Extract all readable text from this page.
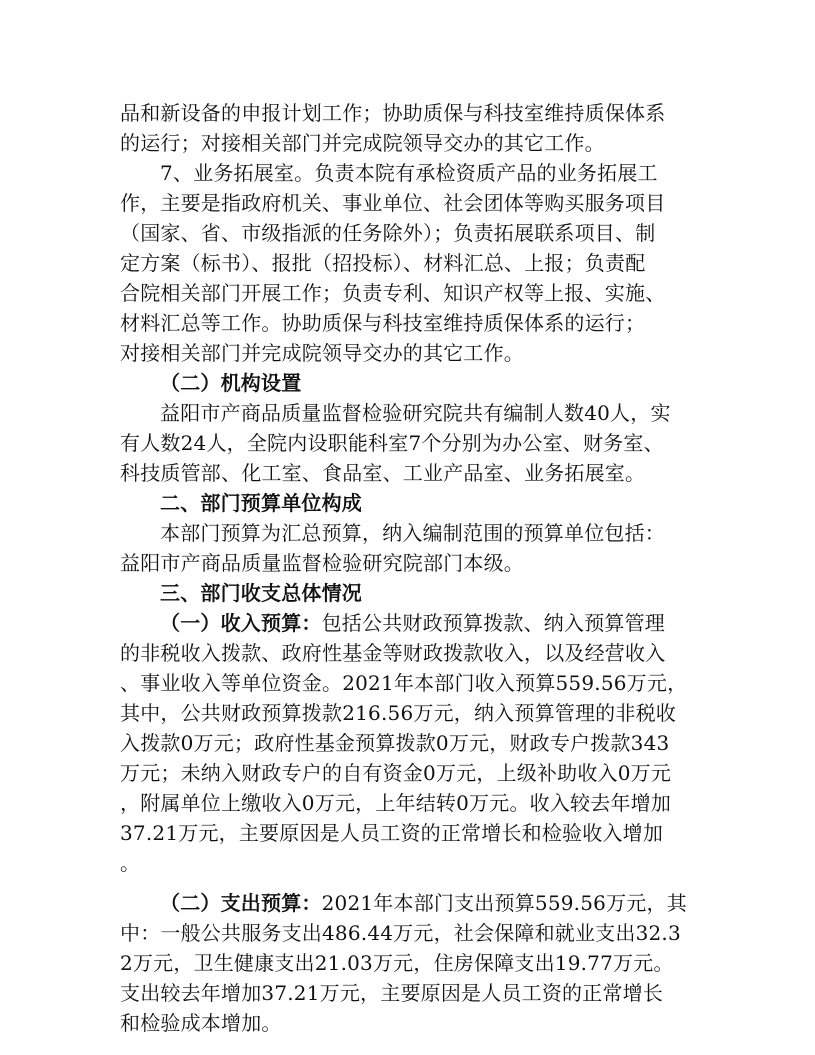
品和新设备的申报计划工作；协助质保与科技室维持质保体系
的运行；对接相关部门并完成院领导交办的其它工作。
7、业务拓展室。负责本院有承检资质产品的业务拓展工
作，主要是指政府机关、事业单位、社会团体等购买服务项目
（国家、省、市级指派的任务除外）；负责拓展联系项目、制
定方案（标书）、报批（招投标）、材料汇总、上报；负责配
合院相关部门开展工作；负责专利、知识产权等上报、实施、
材料汇总等工作。协助质保与科技室维持质保体系的运行；
对接相关部门并完成院领导交办的其它工作。
（二）机构设置
益阳市产商品质量监督检验研究院共有编制人数40人，实
有人数24人，全院内设职能科室7个分别为办公室、财务室、
科技质管部、化工室、食品室、工业产品室、业务拓展室。
二、部门预算单位构成
本部门预算为汇总预算，纳入编制范围的预算单位包括：
益阳市产商品质量监督检验研究院部门本级。
三、部门收支总体情况
（一）收入预算：包括公共财政预算拨款、纳入预算管理
的非税收入拨款、政府性基金等财政拨款收入，以及经营收入
、事业收入等单位资金。2021年本部门收入预算559.56万元，
其中，公共财政预算拨款216.56万元，纳入预算管理的非税收
入拨款0万元；政府性基金预算拨款0万元，财政专户拨款343
万元；未纳入财政专户的自有资金0万元，上级补助收入0万元
，附属单位上缴收入0万元，上年结转0万元。收入较去年增加
37.21万元，主要原因是人员工资的正常增长和检验收入增加
。
（二）支出预算：2021年本部门支出预算559.56万元，其
中：一般公共服务支出486.44万元，社会保障和就业支出32.3
2万元，卫生健康支出21.03万元，住房保障支出19.77万元。
支出较去年增加37.21万元，主要原因是人员工资的正常增长
和检验成本增加。
